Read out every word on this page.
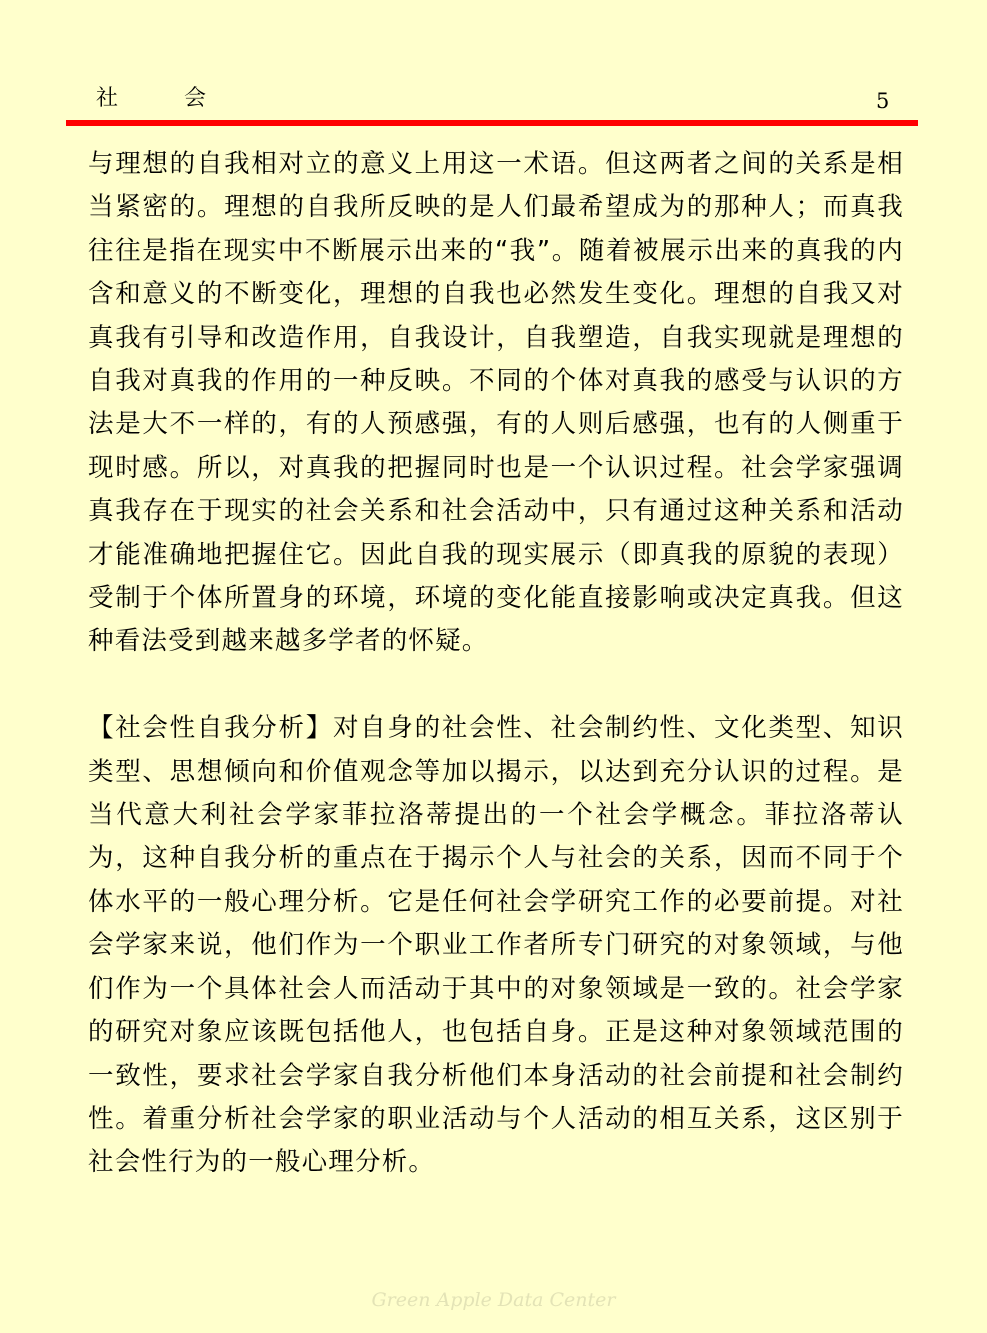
社会	5

与理想的自我相对立的意义上用这一术语。但这两者之间的关系是相当紧密的。理想的自我所反映的是人们最希望成为的那种人；而真我往往是指在现实中不断展示出来的“我”。随着被展示出来的真我的内含和意义的不断变化，理想的自我也必然发生变化。理想的自我又对真我有引导和改造作用，自我设计，自我塑造，自我实现就是理想的自我对真我的作用的一种反映。不同的个体对真我的感受与认识的方法是大不一样的，有的人预感强，有的人则后感强，也有的人侧重于现时感。所以，对真我的把握同时也是一个认识过程。社会学家强调真我存在于现实的社会关系和社会活动中，只有通过这种关系和活动才能准确地把握住它。因此自我的现实展示（即真我的原貌的表现）受制于个体所置身的环境，环境的变化能直接影响或决定真我。但这种看法受到越来越多学者的怀疑。

【社会性自我分析】对自身的社会性、社会制约性、文化类型、知识类型、思想倾向和价值观念等加以揭示，以达到充分认识的过程。是当代意大利社会学家菲拉洛蒂提出的一个社会学概念。菲拉洛蒂认为，这种自我分析的重点在于揭示个人与社会的关系，因而不同于个体水平的一般心理分析。它是任何社会学研究工作的必要前提。对社会学家来说，他们作为一个职业工作者所专门研究的对象领域，与他们作为一个具体社会人而活动于其中的对象领域是一致的。社会学家的研究对象应该既包括他人，也包括自身。正是这种对象领域范围的一致性，要求社会学家自我分析他们本身活动的社会前提和社会制约性。着重分析社会学家的职业活动与个人活动的相互关系，这区别于社会性行为的一般心理分析。

Green Apple Data Center
